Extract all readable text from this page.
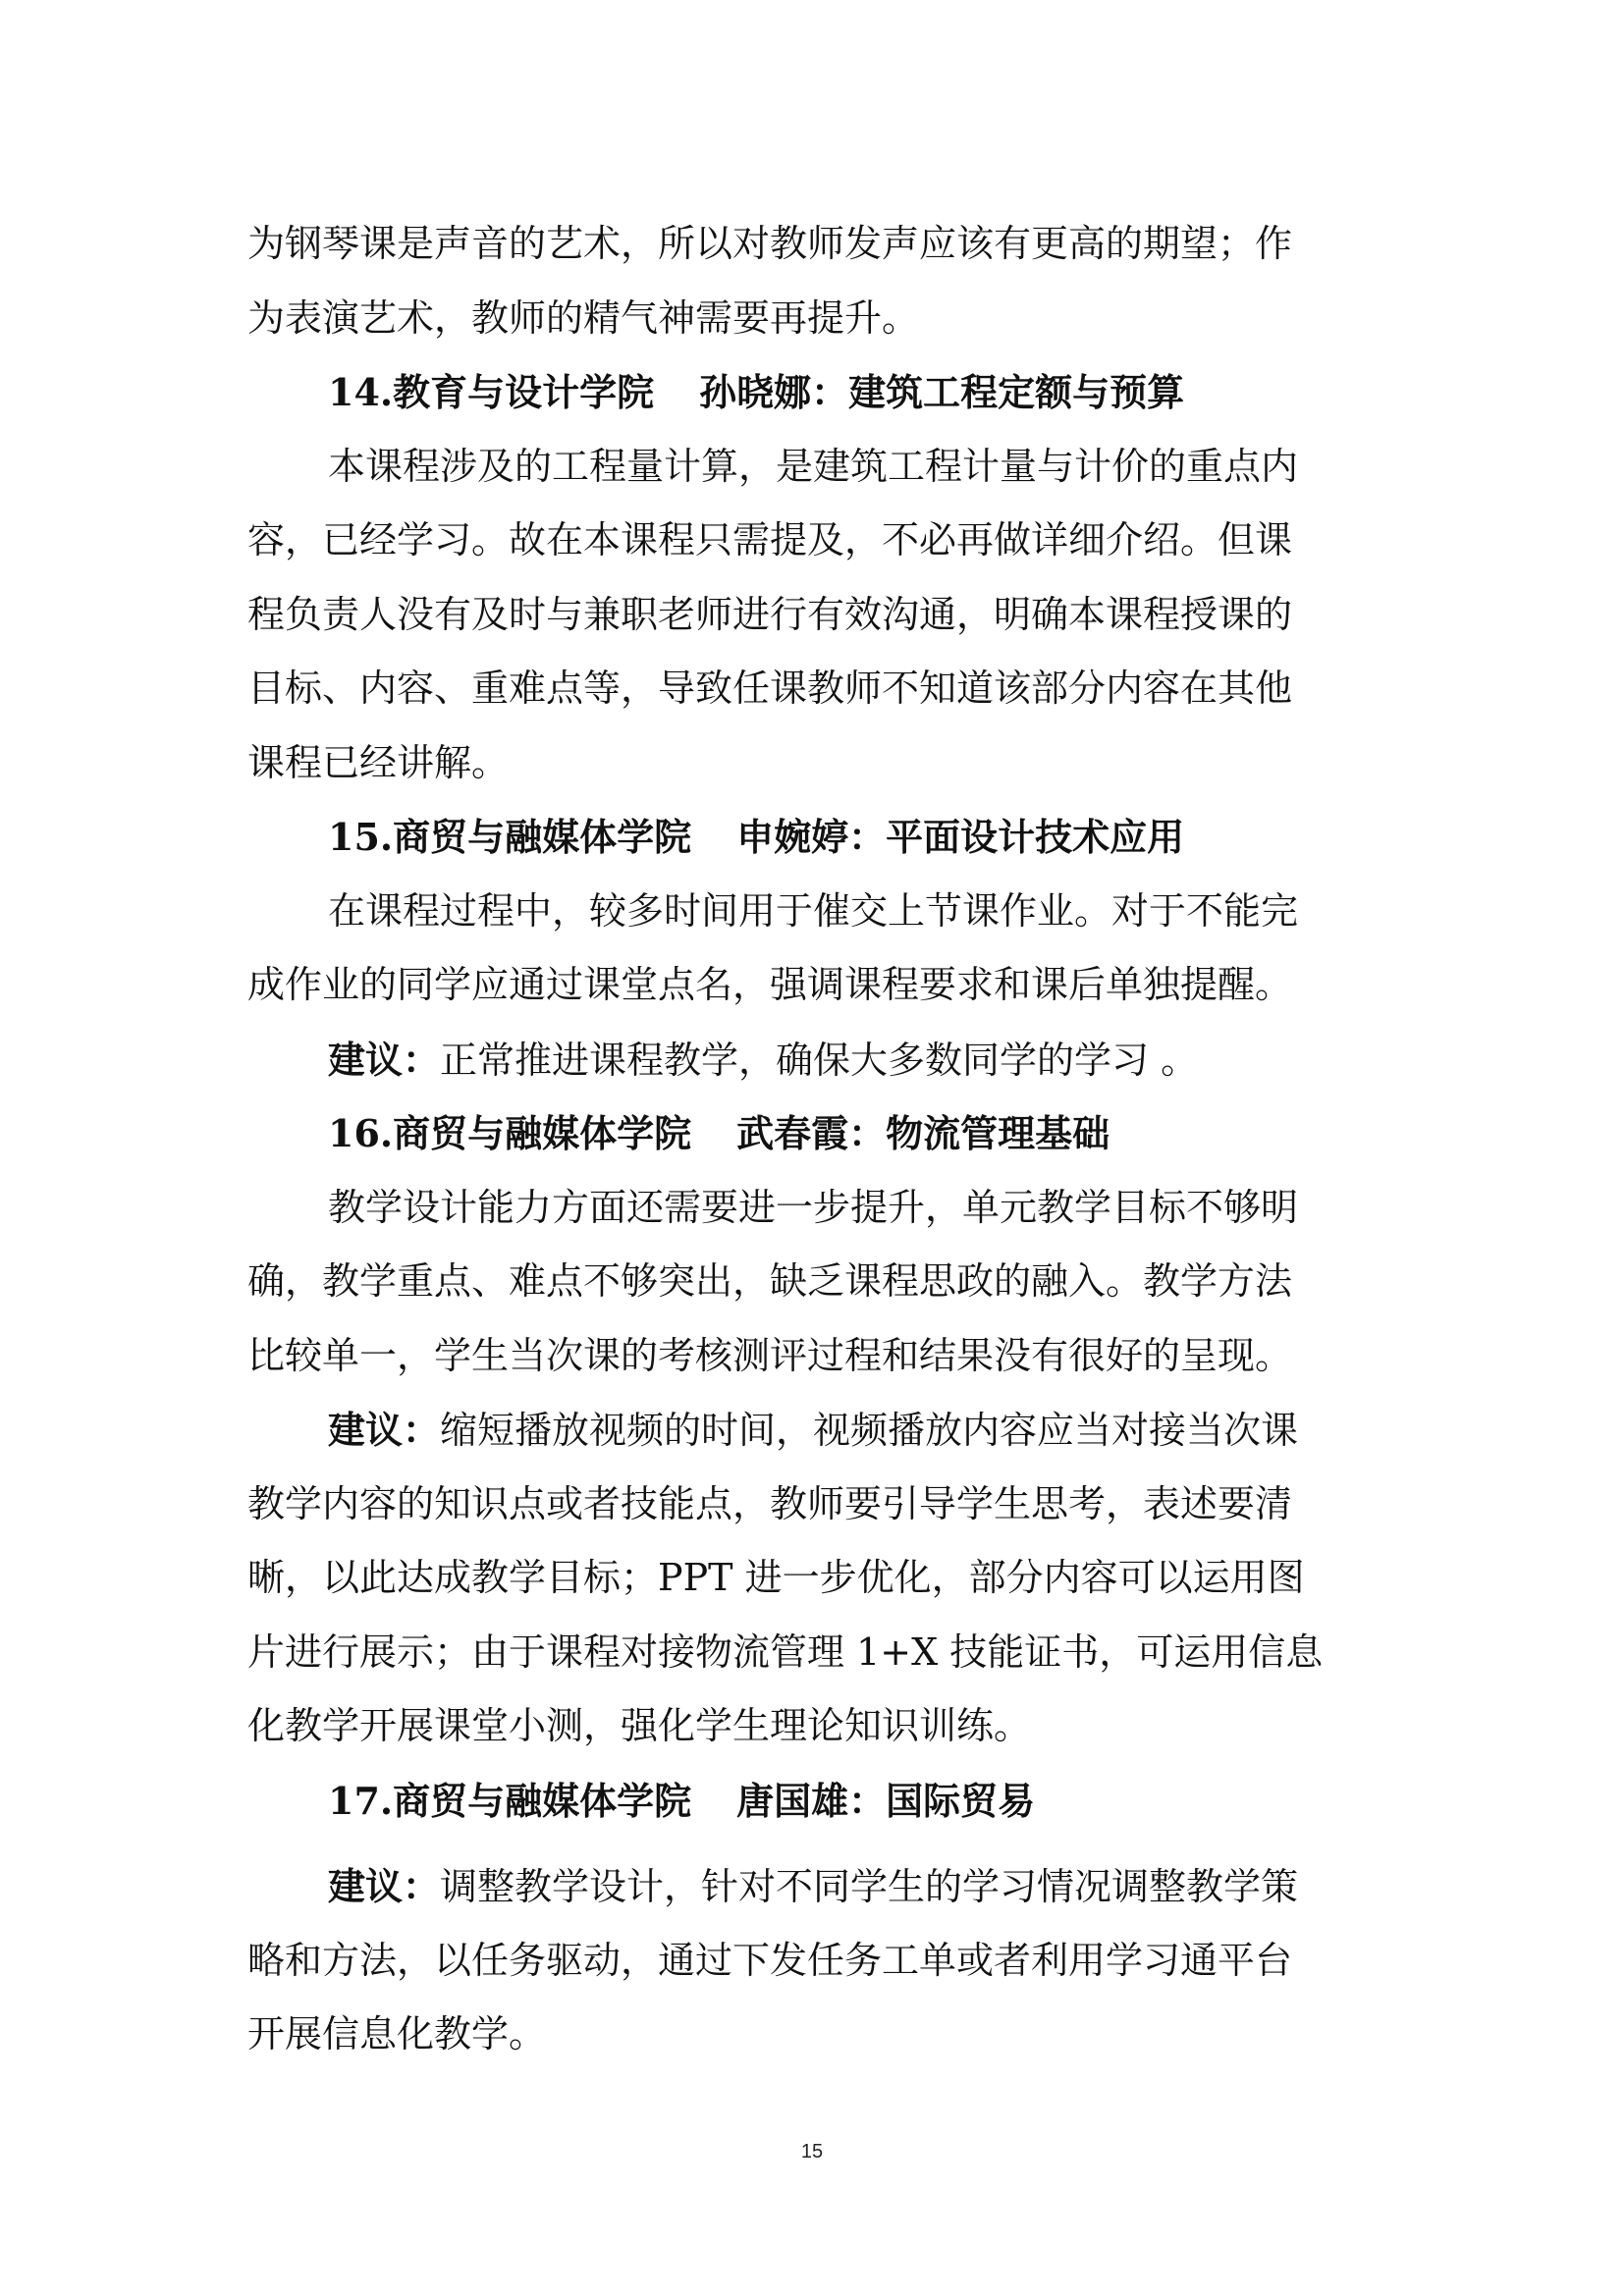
为钢琴课是声音的艺术，所以对教师发声应该有更高的期望；作
为表演艺术，教师的精气神需要再提升。
14.教育与设计学院 孙晓娜：建筑工程定额与预算
本课程涉及的工程量计算，是建筑工程计量与计价的重点内
容，已经学习。故在本课程只需提及，不必再做详细介绍。但课
程负责人没有及时与兼职老师进行有效沟通，明确本课程授课的
目标、内容、重难点等，导致任课教师不知道该部分内容在其他
课程已经讲解。
15.商贸与融媒体学院 申婉婷：平面设计技术应用
在课程过程中，较多时间用于催交上节课作业。对于不能完
成作业的同学应通过课堂点名，强调课程要求和课后单独提醒。
建议：正常推进课程教学，确保大多数同学的学习 。
16.商贸与融媒体学院 武春霞：物流管理基础
教学设计能力方面还需要进一步提升，单元教学目标不够明
确，教学重点、难点不够突出，缺乏课程思政的融入。教学方法
比较单一，学生当次课的考核测评过程和结果没有很好的呈现。
建议：缩短播放视频的时间，视频播放内容应当对接当次课
教学内容的知识点或者技能点，教师要引导学生思考，表述要清
晰，以此达成教学目标；PPT 进一步优化，部分内容可以运用图
片进行展示；由于课程对接物流管理 1+X 技能证书，可运用信息
化教学开展课堂小测，强化学生理论知识训练。
17.商贸与融媒体学院 唐国雄：国际贸易
建议：调整教学设计，针对不同学生的学习情况调整教学策
略和方法，以任务驱动，通过下发任务工单或者利用学习通平台
开展信息化教学。
15
